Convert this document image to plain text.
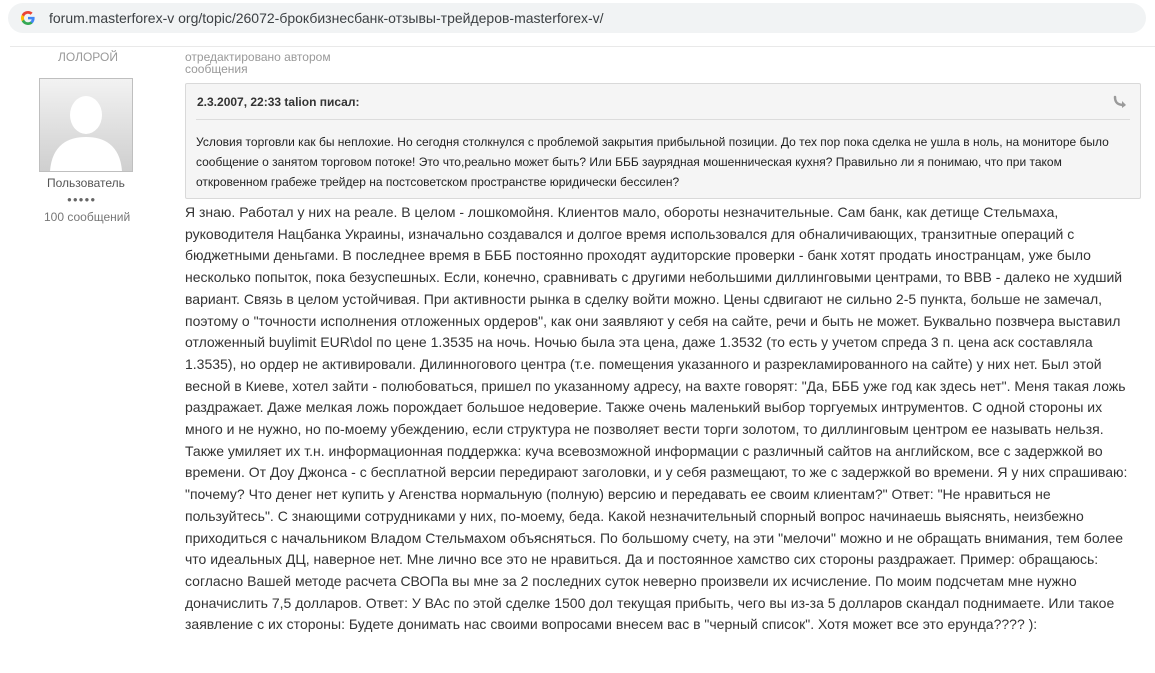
forum.masterforex-v org/topic/26072-брокбизнесбанк-отзывы-трейдеров-masterforex-v/
ЛОЛОРОЙ	отредактировано автором сообщения
Пользователь
●●●●●
100 сообщений
2.3.2007, 22:33 talion писал:
Условия торговли как бы неплохие. Но сегодня столкнулся с проблемой закрытия прибыльной позиции. До тех пор пока сделка не ушла в ноль, на мониторе было сообщение о занятом торговом потоке! Это что,реально может быть? Или БББ заурядная мошенническая кухня? Правильно ли я понимаю, что при таком откровенном грабеже трейдер на постсоветском пространстве юридически бессилен?

Я знаю. Работал у них на реале. В целом - лошкомойня. Клиентов мало, обороты незначительные. Сам банк, как детище Стельмаха, руководителя Нацбанка Украины, изначально создавался и долгое время использовался для обналичивающих, транзитные операций с бюджетными деньгами. В последнее время в БББ постоянно проходят аудиторские проверки - банк хотят продать иностранцам, уже было несколько попыток, пока безуспешных. Если, конечно, сравнивать с другими небольшими диллинговыми центрами, то BBB - далеко не худший вариант. Связь в целом устойчивая. При активности рынка в сделку войти можно. Цены сдвигают не сильно 2-5 пункта, больше не замечал, поэтому о "точности исполнения отложенных ордеров", как они заявляют у себя на сайте, речи и быть не может. Буквально позвчера выставил отложенный buylimit EUR\dol по цене 1.3535 на ночь. Ночью была эта цена, даже 1.3532 (то есть у учетом спреда 3 п. цена аск составляла 1.3535), но ордер не активировали. Дилинногового центра (т.е. помещения указанного и разрекламированного на сайте) у них нет. Был этой весной в Киеве, хотел зайти - полюбоваться, пришел по указанному адресу, на вахте говорят: "Да, БББ уже год как здесь нет". Меня такая ложь раздражает. Даже мелкая ложь порождает большое недоверие. Также очень маленький выбор торгуемых интрументов. С одной стороны их много и не нужно, но по-моему убеждению, если структура не позволяет вести торги золотом, то диллинговым центром ее называть нельзя. Также умиляет их т.н. информационная поддержка: куча всевозможной информации с различный сайтов на английском, все с задержкой во времени. От Доу Джонса - с бесплатной версии передирают заголовки, и у себя размещают, то же с задержкой во времени. Я у них спрашиваю: "почему? Что денег нет купить у Агенства нормальную (полную) версию и передавать ее своим клиентам?" Ответ: "Не нравиться не пользуйтесь". С знающими сотрудниками у них, по-моему, беда. Какой незначительный спорный вопрос начинаешь выяснять, неизбежно приходиться с начальником Владом Стельмахом объясняться. По большому счету, на эти "мелочи" можно и не обращать внимания, тем более что идеальных ДЦ, наверное нет. Мне лично все это не нравиться. Да и постоянное хамство сих стороны раздражает. Пример: обращаюсь: согласно Вашей методе расчета СВОПа вы мне за 2 последних суток неверно произвели их исчисление. По моим подсчетам мне нужно доначислить 7,5 долларов. Ответ: У ВАс по этой сделке 1500 дол текущая прибыть, чего вы из-за 5 долларов скандал поднимаете. Или такое заявление с их стороны: Будете донимать нас своими вопросами внесем вас в "черный список". Хотя может все это ерунда???? ):
